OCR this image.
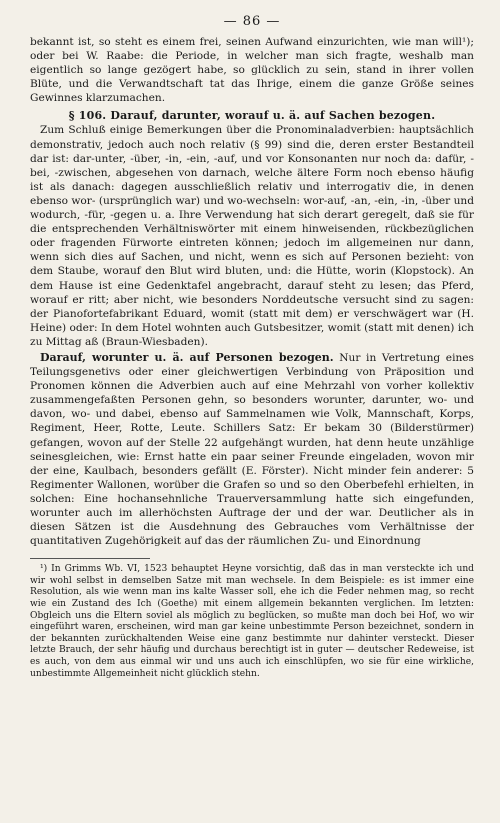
— 86 —

bekannt ist, so steht es einem frei, seinen Aufwand einzurichten, wie man will¹); oder bei W. Raabe: die Periode, in welcher man sich fragte, weshalb man eigentlich so lange gezögert habe, so glücklich zu sein, stand in ihrer vollen Blüte, und die Verwandtschaft tat das Ihrige, einem die ganze Größe seines Gewinnes klarzumachen.

§ 106. Darauf, darunter, worauf u. ä. auf Sachen bezogen.

Zum Schluß einige Bemerkungen über die Pronominaladverbien: hauptsächlich demonstrativ, jedoch auch noch relativ (§ 99) sind die, deren erster Bestandteil dar ist: dar-unter, -über, -in, -ein, -auf, und vor Konsonanten nur noch da: dafür, -bei, -zwischen, abgesehen von darnach, welche ältere Form noch ebenso häufig ist als danach: dagegen ausschließlich relativ und interrogativ die, in denen ebenso wor- (ursprünglich war) und wo-wechseln: wor-auf, -an, -ein, -in, -über und wodurch, -für, -gegen u. a. Ihre Verwendung hat sich derart geregelt, daß sie für die entsprechenden Verhältniswörter mit einem hinweisenden, rückbezüglichen oder fragenden Fürworte eintreten können; jedoch im allgemeinen nur dann, wenn sich dies auf Sachen, und nicht, wenn es sich auf Personen bezieht: von dem Staube, worauf den Blut wird bluten, und: die Hütte, worin (Klopstock). An dem Hause ist eine Gedenktafel angebracht, darauf steht zu lesen; das Pferd, worauf er ritt; aber nicht, wie besonders Norddeutsche versucht sind zu sagen: der Pianofortefabrikant Eduard, womit (statt mit dem) er verschwägert war (H. Heine) oder: In dem Hotel wohnten auch Gutsbesitzer, womit (statt mit denen) ich zu Mittag aß (Braun-Wiesbaden).

Darauf, worunter u. ä. auf Personen bezogen. Nur in Vertretung eines Teilungsgenetivs oder einer gleichwertigen Verbindung von Präposition und Pronomen können die Adverbien auch auf eine Mehrzahl von vorher kollektiv zusammengefaßten Personen gehn, so besonders worunter, darunter, wo- und davon, wo- und dabei, ebenso auf Sammelnamen wie Volk, Mannschaft, Korps, Regiment, Heer, Rotte, Leute. Schillers Satz: Er bekam 30 (Bilderstürmer) gefangen, wovon auf der Stelle 22 aufgehängt wurden, hat denn heute unzählige seinesgleichen, wie: Ernst hatte ein paar seiner Freunde eingeladen, wovon mir der eine, Kaulbach, besonders gefällt (E. Förster). Nicht minder fein anderer: 5 Regimenter Wallonen, worüber die Grafen so und so den Oberbefehl erhielten, in solchen: Eine hochansehnliche Trauerversammlung hatte sich eingefunden, worunter auch im allerhöchsten Auftrage der und der war. Deutlicher als in diesen Sätzen ist die Ausdehnung des Gebrauches vom Verhältnisse der quantitativen Zugehörigkeit auf das der räumlichen Zu- und Einordnung

¹) In Grimms Wb. VI, 1523 behauptet Heyne vorsichtig, daß das in man versteckte ich und wir wohl selbst in demselben Satze mit man wechsele. In dem Beispiele: es ist immer eine Resolution, als wie wenn man ins kalte Wasser soll, ehe ich die Feder nehmen mag, so recht wie ein Zustand des Ich (Goethe) mit einem allgemein bekannten verglichen. Im letzten: Obgleich uns die Eltern soviel als möglich zu beglücken, so mußte man doch bei Hof, wo wir eingeführt waren, erscheinen, wird man gar keine unbestimmte Person bezeichnet, sondern in der bekannten zurückhaltenden Weise eine ganz bestimmte nur dahinter versteckt. Dieser letzte Brauch, der sehr häufig und durchaus berechtigt ist in guter — deutscher Redeweise, ist es auch, von dem aus einmal wir und uns auch ich einschlüpfen, wo sie für eine wirkliche, unbestimmte Allgemeinheit nicht glücklich stehn.
